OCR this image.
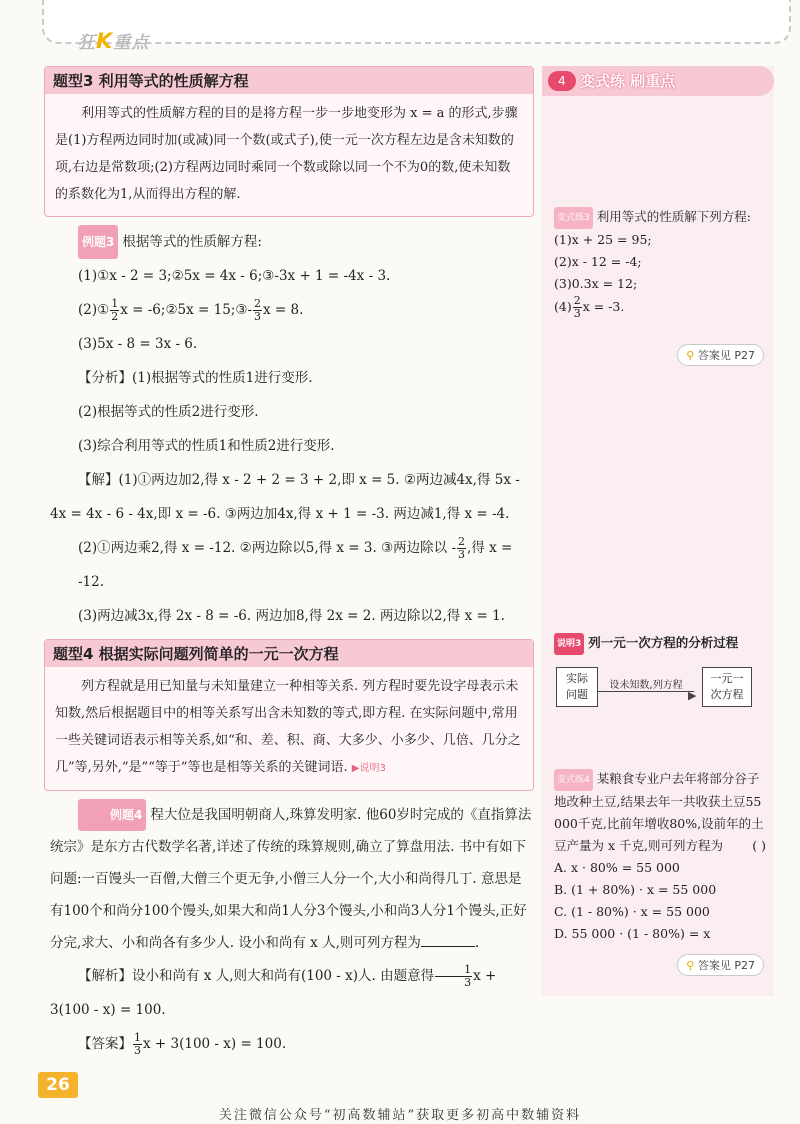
狂K重点
题型3 利用等式的性质解方程
利用等式的性质解方程的目的是将方程一步一步地变形为 x = a 的形式,步骤是(1)方程两边同时加(或减)同一个数(或式子),使一元一次方程左边是含未知数的项,右边是常数项;(2)方程两边同时乘同一个数或除以同一个不为0的数,使未知数的系数化为1,从而得出方程的解.

例题3 根据等式的性质解方程:

(1)①x - 2 = 3;②5x = 4x - 6;③-3x + 1 = -4x - 3.

(2)① $\frac{1}{2}$ x = -6;②5x = 15;③- $\frac{2}{3}$ x = 8.

(3)5x - 8 = 3x - 6.

【分析】(1)根据等式的性质1进行变形.

(2)根据等式的性质2进行变形.

(3)综合利用等式的性质1和性质2进行变形.

【解】(1)①两边加2,得 x - 2 + 2 = 3 + 2,即 x = 5. ②两边减4x,得 5x - 4x = 4x - 6 - 4x,即 x = -6. ③两边加4x,得 x + 1 = -3. 两边减1,得 x = -4.

(2)①两边乘2,得 x = -12. ②两边除以5,得 x = 3. ③两边除以 - $\frac{2}{3}$ ,得 x = -12.

(3)两边减3x,得 2x - 8 = -6. 两边加8,得 2x = 2. 两边除以2,得 x = 1.

题型4 根据实际问题列简单的一元一次方程
列方程就是用已知量与未知量建立一种相等关系. 列方程时要先设字母表示未知数,然后根据题目中的相等关系写出含未知数的等式,即方程. 在实际问题中,常用一些关键词语表示相等关系,如“和、差、积、商、大多少、小多少、几倍、几分之几”等,另外,“是”“等于”等也是相等关系的关键词语. ▶说明3

例题4 程大位是我国明朝商人,珠算发明家. 他60岁时完成的《直指算法统宗》是东方古代数学名著,详述了传统的珠算规则,确立了算盘用法. 书中有如下问题:一百馒头一百僧,大僧三个更无争,小僧三人分一个,大小和尚得几丁. 意思是有100个和尚分100个馒头,如果大和尚1人分3个馒头,小和尚3人分1个馒头,正好分完,求大、小和尚各有多少人. 设小和尚有 x 人,则可列方程为	.

【解析】设小和尚有 x 人,则大和尚有(100 - x)人. 由题意得 $\frac{1}{3}$ x + 3(100 - x) = 100.

【答案】 $\frac{1}{3}$ x + 3(100 - x) = 100.

4 变式练 刷重点
变式练3 利用等式的性质解下列方程:
(1)x + 25 = 95;
(2)x - 12 = -4;
(3)0.3x = 12;
$(4) \frac{2}{3}$ x = -3.
⚲ 答案见 P27
说明3 列一元一次方程的分析过程
实际问题
设未知数,列方程
▶
一元一次方程
变式练4 某粮食专业户去年将部分谷子地改种土豆,结果去年一共收获土豆55 000千克,比前年增收80%,设前年的土豆产量为 x 千克,则可列方程为 ( )
A. x · 80% = 55 000
B. (1 + 80%) · x = 55 000
C. (1 - 80%) · x = 55 000
D. 55 000 · (1 - 80%) = x
⚲ 答案见 P27
26
关注微信公众号“初高数辅站”获取更多初高中数辅资料
